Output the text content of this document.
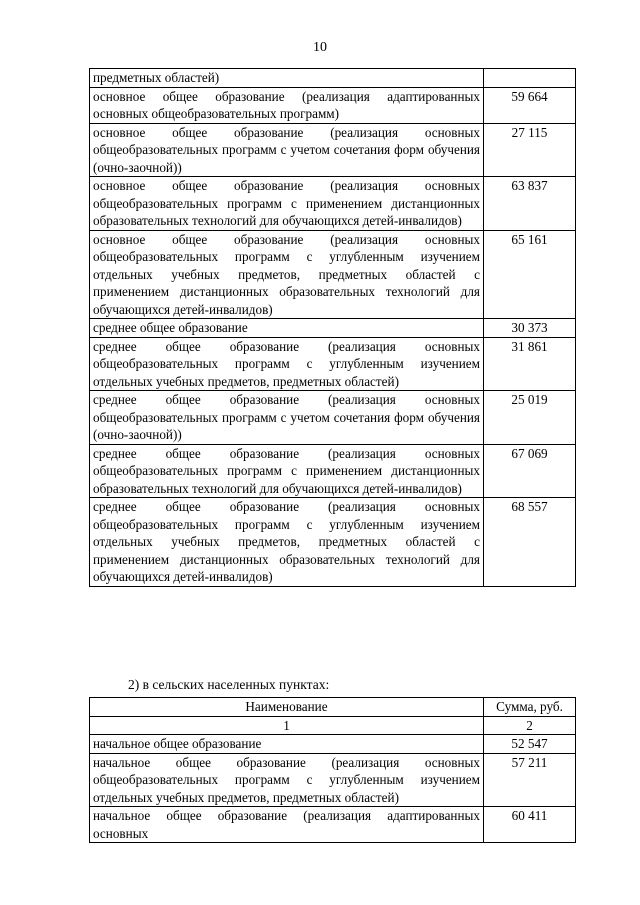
10
предметных областей)	
основное общее образование (реализация адаптированных основных общеобразовательных программ)	59 664
основное общее образование (реализация основных общеобразовательных программ с учетом сочетания форм обучения (очно-заочной))	27 115
основное общее образование (реализация основных общеобразовательных программ с применением дистанционных образовательных технологий для обучающихся детей-инвалидов)	63 837
основное общее образование (реализация основных общеобразовательных программ с углубленным изучением отдельных учебных предметов, предметных областей с применением дистанционных образовательных технологий для обучающихся детей-инвалидов)	65 161
среднее общее образование	30 373
среднее общее образование (реализация основных общеобразовательных программ с углубленным изучением отдельных учебных предметов, предметных областей)	31 861
среднее общее образование (реализация основных общеобразовательных программ с учетом сочетания форм обучения (очно-заочной))	25 019
среднее общее образование (реализация основных общеобразовательных программ с применением дистанционных образовательных технологий для обучающихся детей-инвалидов)	67 069
среднее общее образование (реализация основных общеобразовательных программ с углубленным изучением отдельных учебных предметов, предметных областей с применением дистанционных образовательных технологий для обучающихся детей-инвалидов)	68 557
2) в сельских населенных пунктах:
Наименование	Сумма, руб.
1	2
начальное общее образование	52 547
начальное общее образование (реализация основных общеобразовательных программ с углубленным изучением отдельных учебных предметов, предметных областей)	57 211
начальное общее образование (реализация адаптированных основных	60 411
